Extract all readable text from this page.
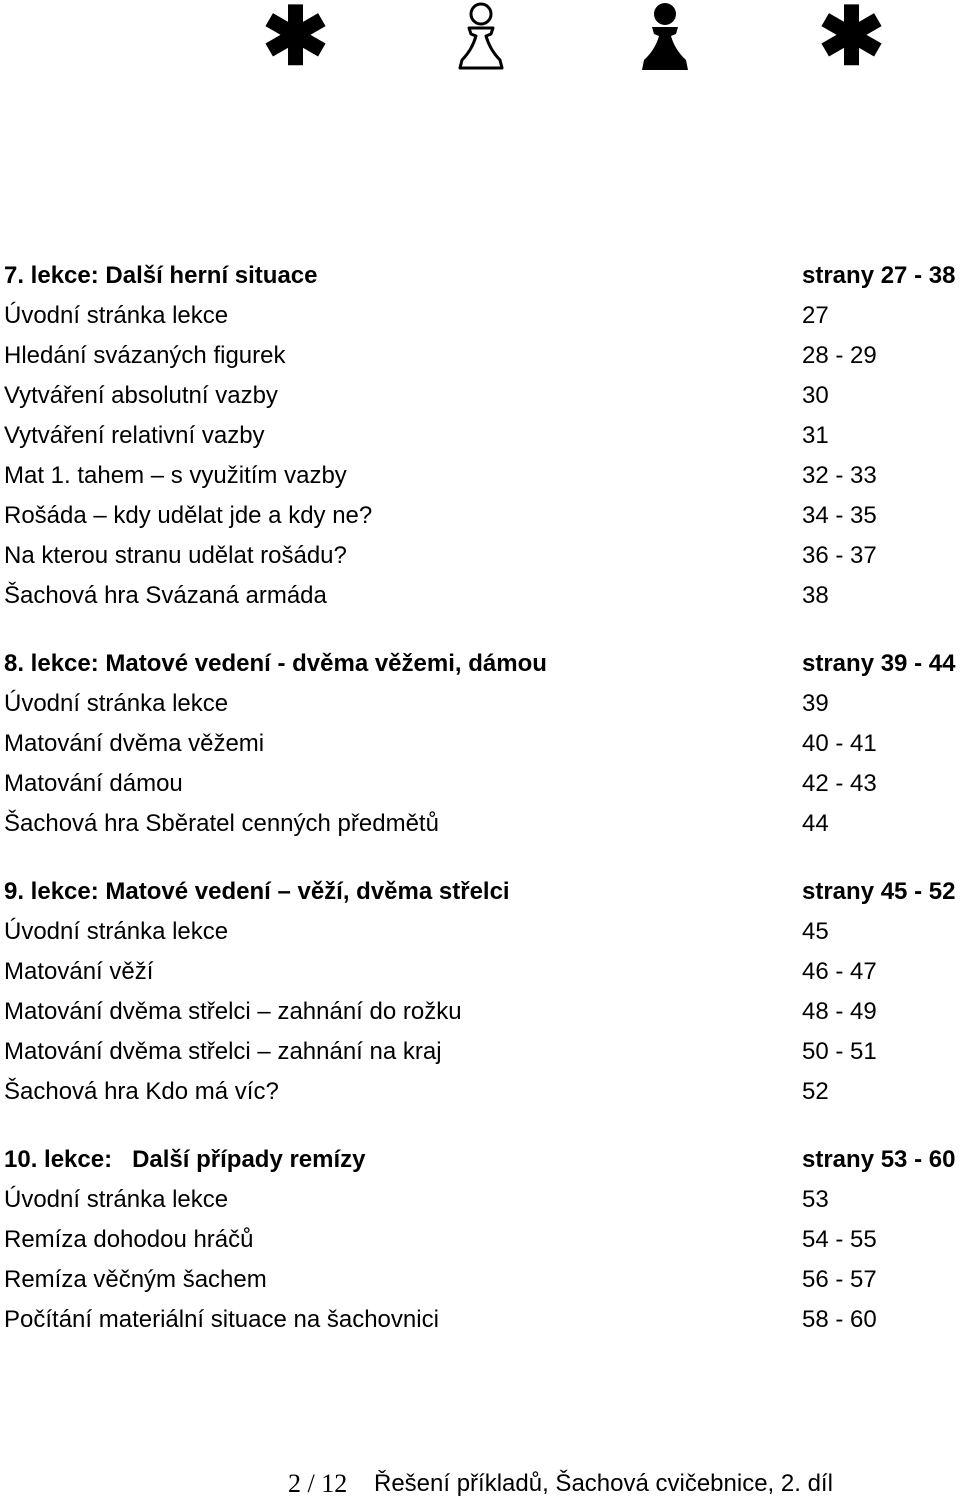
✱	✱
7. lekce: Další herní situace	strany 27 - 38
Úvodní stránka lekce	27
Hledání svázaných figurek	28 - 29
Vytváření absolutní vazby	30
Vytváření relativní vazby	31
Mat 1. tahem – s využitím vazby	32 - 33
Rošáda – kdy udělat jde a kdy ne?	34 - 35
Na kterou stranu udělat rošádu?	36 - 37
Šachová hra Svázaná armáda	38
8. lekce: Matové vedení - dvěma věžemi, dámou	strany 39 - 44
Úvodní stránka lekce	39
Matování dvěma věžemi	40 - 41
Matování dámou	42 - 43
Šachová hra Sběratel cenných předmětů	44
9. lekce: Matové vedení – věží, dvěma střelci	strany 45 - 52
Úvodní stránka lekce	45
Matování věží	46 - 47
Matování dvěma střelci – zahnání do rožku	48 - 49
Matování dvěma střelci – zahnání na kraj	50 - 51
Šachová hra Kdo má víc?	52
10. lekce:   Další případy remízy	strany 53 - 60
Úvodní stránka lekce	53
Remíza dohodou hráčů	54 - 55
Remíza věčným šachem	56 - 57
Počítání materiální situace na šachovnici	58 - 60
2 / 12 Řešení příkladů, Šachová cvičebnice, 2. díl
